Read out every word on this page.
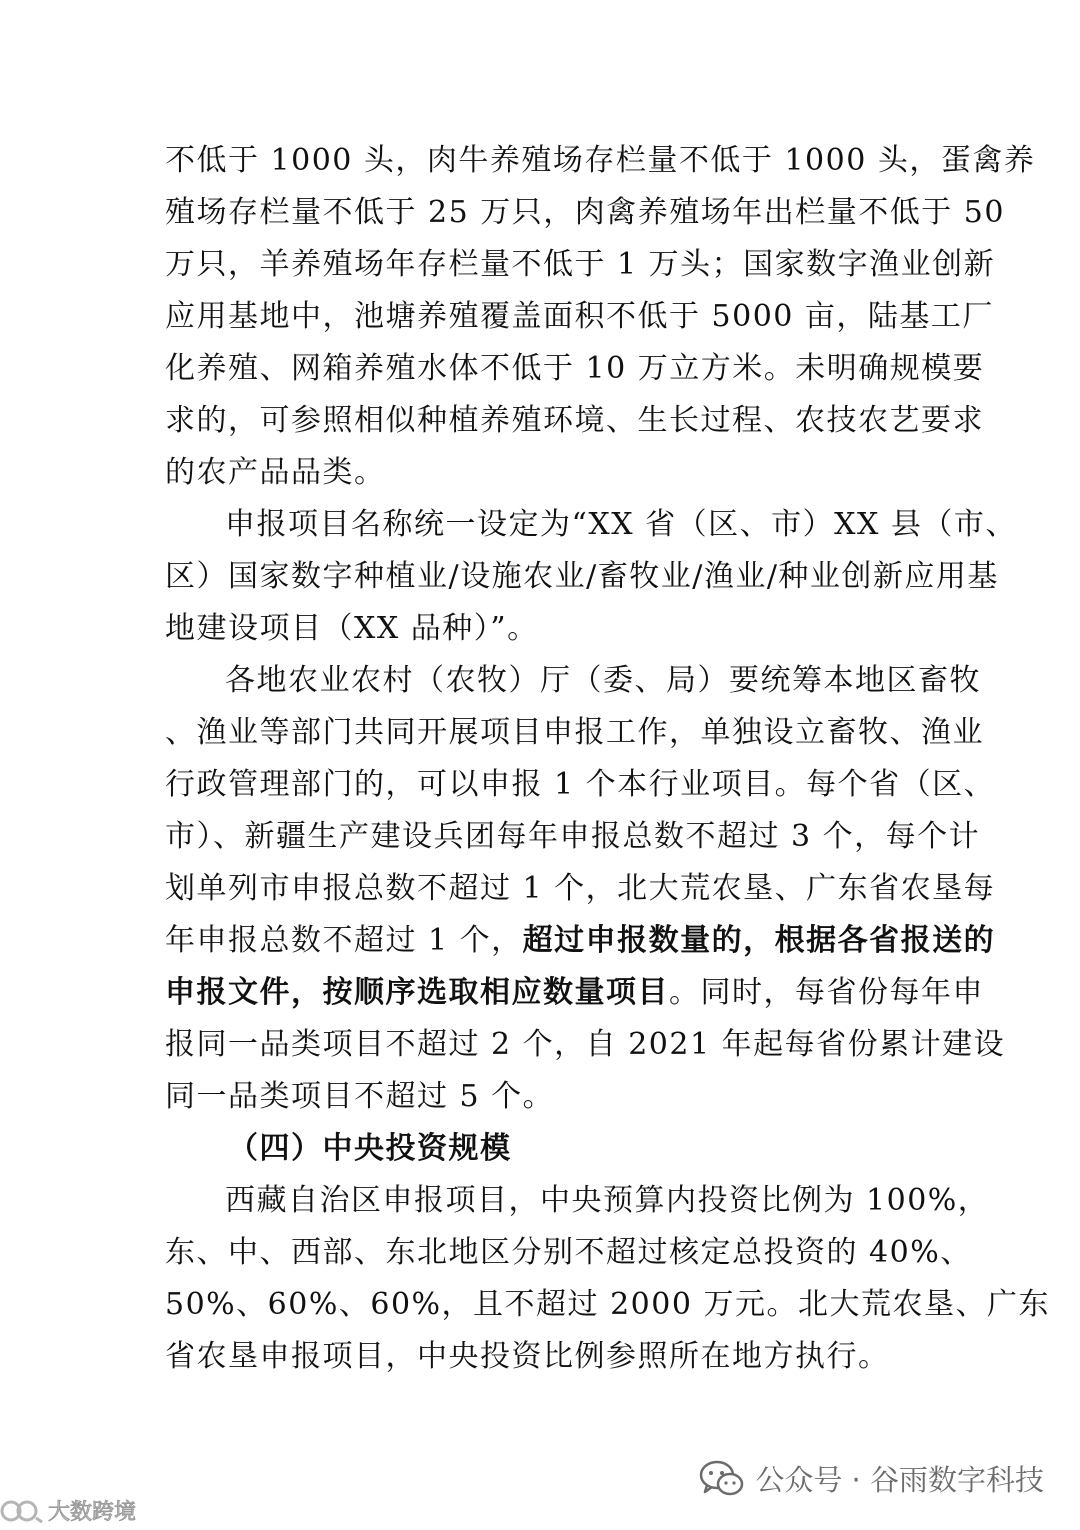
不低于 1000 头，肉牛养殖场存栏量不低于 1000 头，蛋禽养
殖场存栏量不低于 25 万只，肉禽养殖场年出栏量不低于 50
万只，羊养殖场年存栏量不低于 1 万头；国家数字渔业创新
应用基地中，池塘养殖覆盖面积不低于 5000 亩，陆基工厂
化养殖、网箱养殖水体不低于 10 万立方米。未明确规模要
求的，可参照相似种植养殖环境、生长过程、农技农艺要求
的农产品品类。
申报项目名称统一设定为“XX 省（区、市）XX 县（市、
区）国家数字种植业/设施农业/畜牧业/渔业/种业创新应用基
地建设项目（XX 品种）”。
各地农业农村（农牧）厅（委、局）要统筹本地区畜牧
、渔业等部门共同开展项目申报工作，单独设立畜牧、渔业
行政管理部门的，可以申报 1 个本行业项目。每个省（区、
市）、新疆生产建设兵团每年申报总数不超过 3 个，每个计
划单列市申报总数不超过 1 个，北大荒农垦、广东省农垦每
年申报总数不超过 1 个，超过申报数量的，根据各省报送的
申报文件，按顺序选取相应数量项目。同时，每省份每年申
报同一品类项目不超过 2 个，自 2021 年起每省份累计建设
同一品类项目不超过 5 个。
（四）中央投资规模
西藏自治区申报项目，中央预算内投资比例为 100%，
东、中、西部、东北地区分别不超过核定总投资的 40%、
50%、60%、60%，且不超过 2000 万元。北大荒农垦、广东
省农垦申报项目，中央投资比例参照所在地方执行。
公众号 · 谷雨数字科技
大数跨境
